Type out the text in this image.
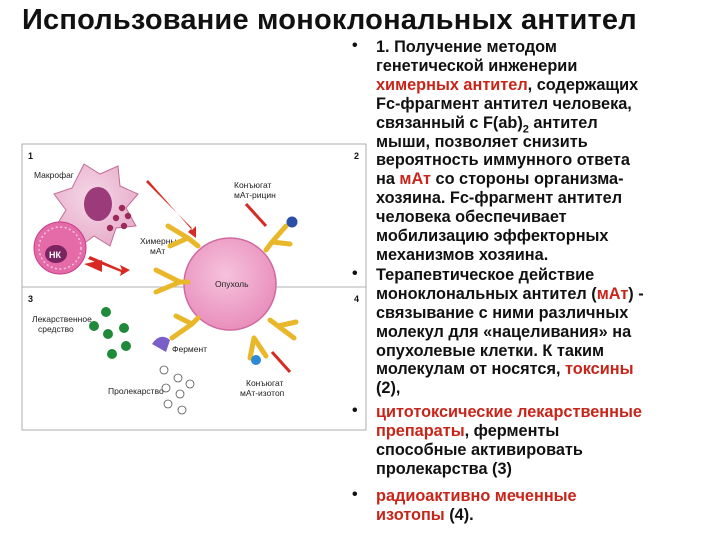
Использование моноклональных антител
1	2
3	4
Макрофаг
НК
Химерные
мАт
Опухоль
Конъюгат
мАт-рицин
Лекарственное
средство
Фермент
Пролекарство
Конъюгат
мАт-изотоп
• 1. Получение методом
генетической инженерии
химерных антител, содержащих
Fc-фрагмент антител человека,
связанный с $F(ab)_2$ антител
мыши, позволяет снизить
вероятность иммунного ответа
на мАт со стороны организма-
хозяина. Fc-фрагмент антител
человека обеспечивает
мобилизацию эффекторных
механизмов хозяина.
• Терапевтическое действие
моноклональных антител (мАт) -
связывание с ними различных
молекул для «нацеливания» на
опухолевые клетки. К таким
молекулам от носятся, токсины
(2),
• цитотоксические лекарственные
препараты, ферменты
способные активировать
пролекарства (3)
• радиоактивно меченные
изотопы (4).
